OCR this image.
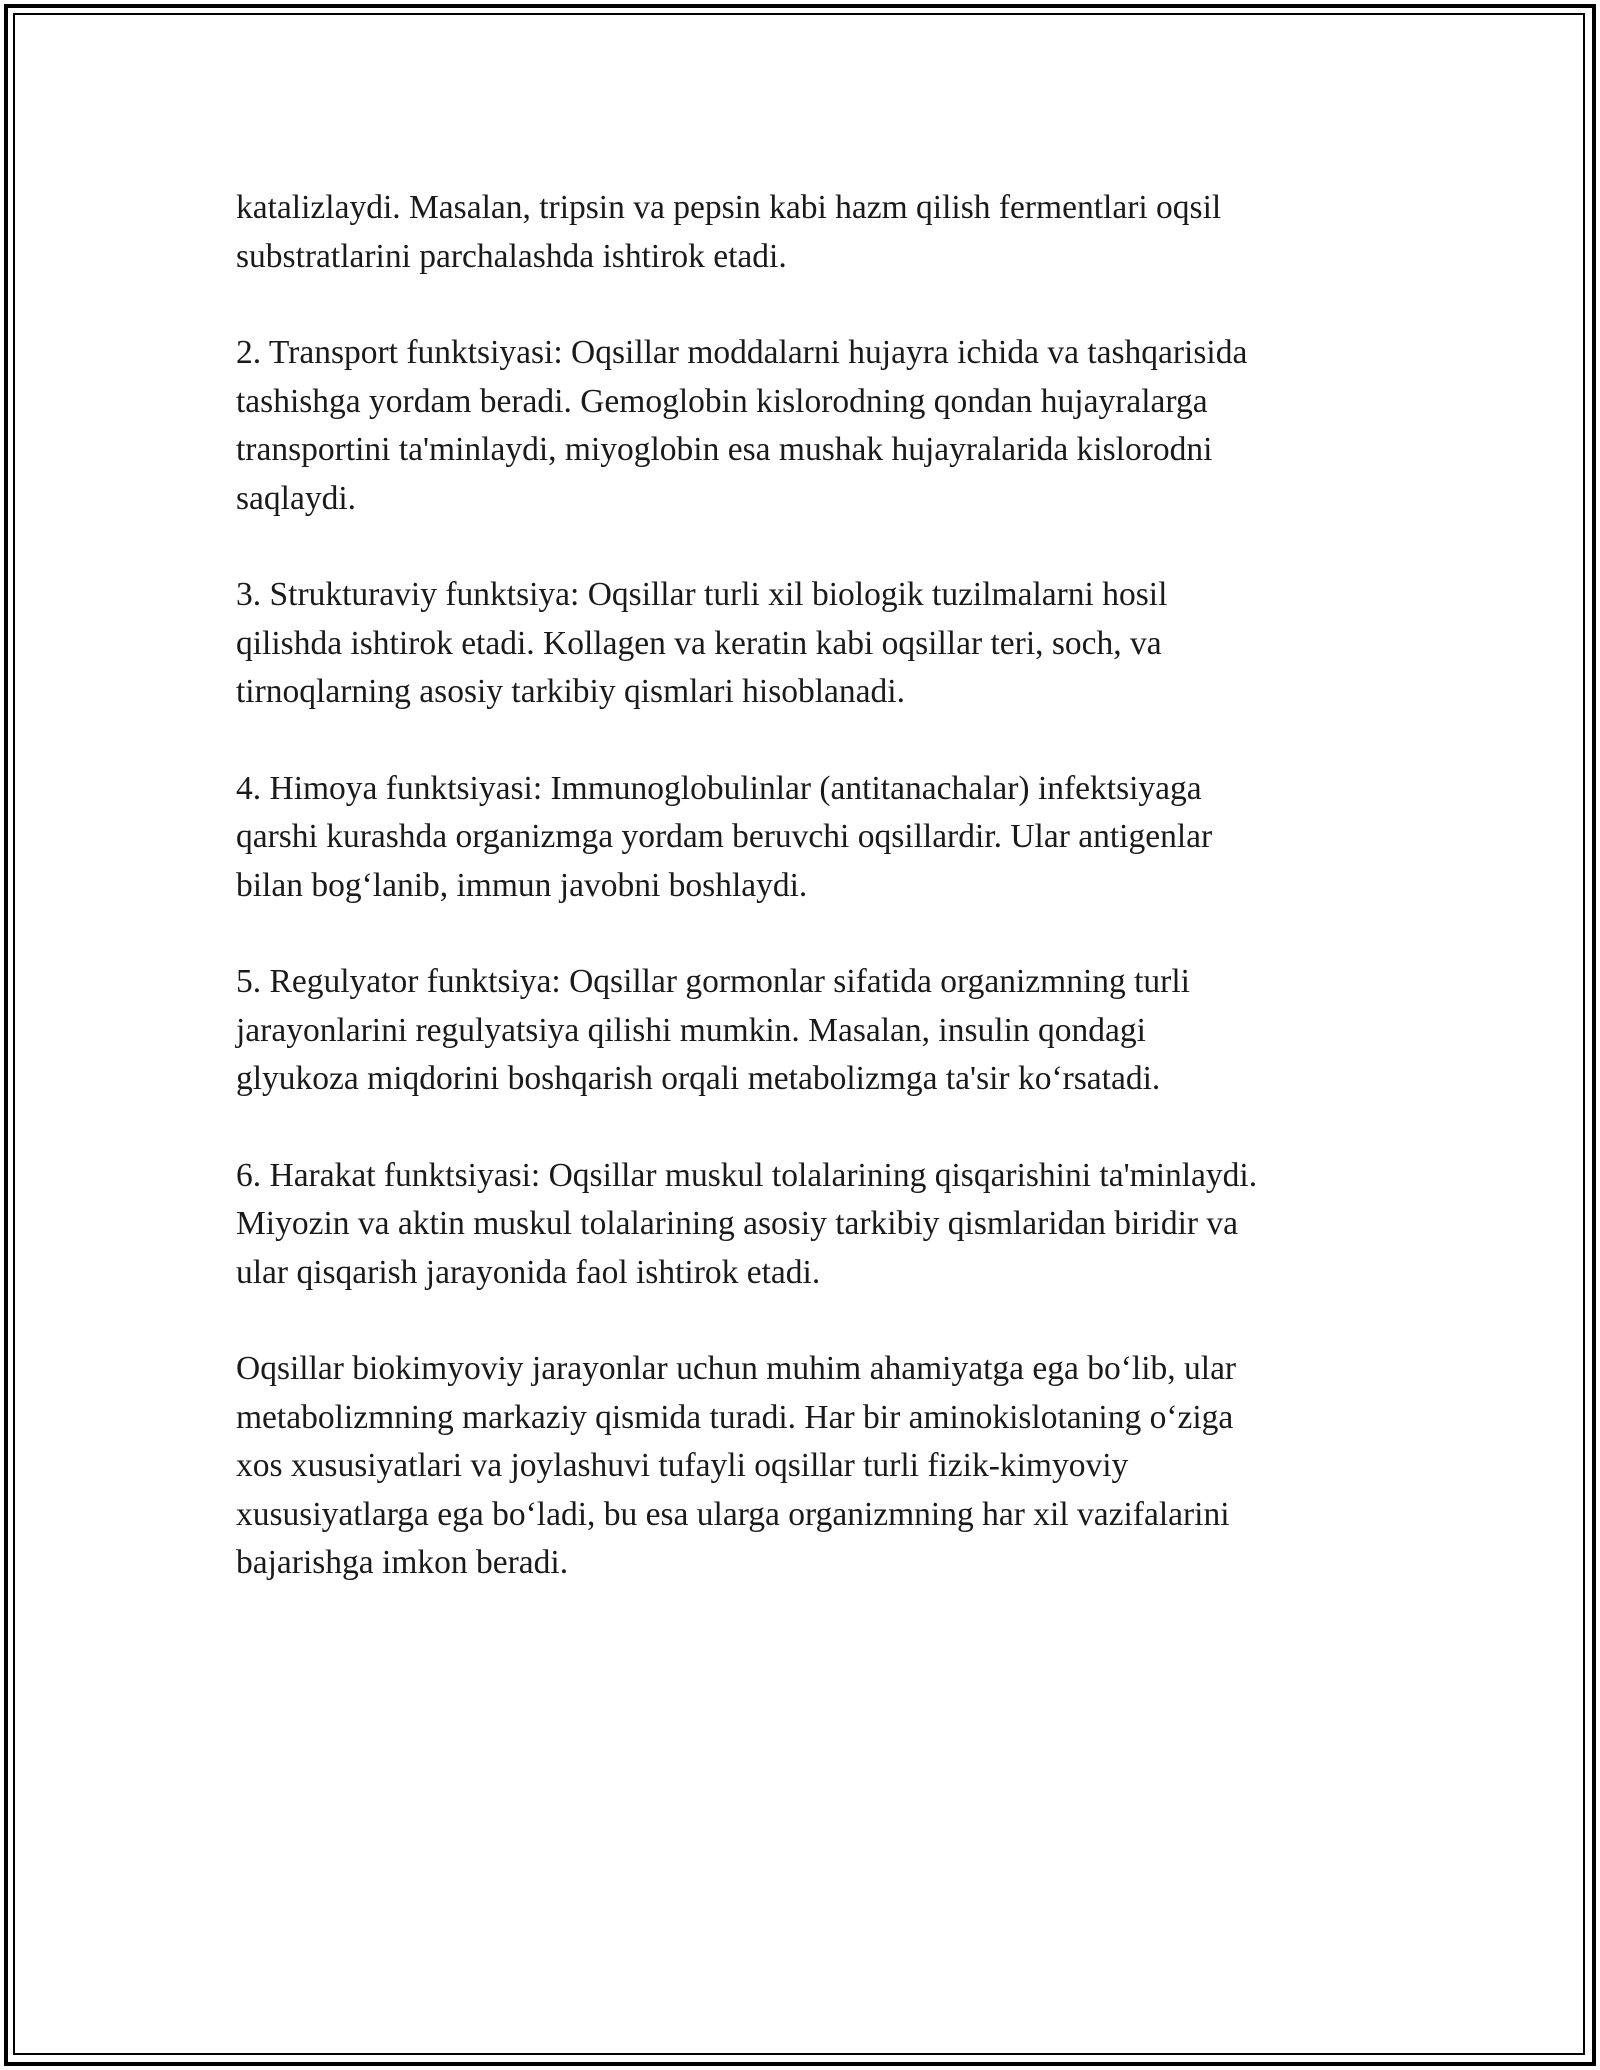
katalizlaydi. Masalan, tripsin va pepsin kabi hazm qilish fermentlari oqsil
substratlarini parchalashda ishtirok etadi.

2. Transport funktsiyasi: Oqsillar moddalarni hujayra ichida va tashqarisida
tashishga yordam beradi. Gemoglobin kislorodning qondan hujayralarga
transportini ta'minlaydi, miyoglobin esa mushak hujayralarida kislorodni
saqlaydi.

3. Strukturaviy funktsiya: Oqsillar turli xil biologik tuzilmalarni hosil
qilishda ishtirok etadi. Kollagen va keratin kabi oqsillar teri, soch, va
tirnoqlarning asosiy tarkibiy qismlari hisoblanadi.

4. Himoya funktsiyasi: Immunoglobulinlar (antitanachalar) infektsiyaga
qarshi kurashda organizmga yordam beruvchi oqsillardir. Ular antigenlar
bilan bog‘lanib, immun javobni boshlaydi.

5. Regulyator funktsiya: Oqsillar gormonlar sifatida organizmning turli
jarayonlarini regulyatsiya qilishi mumkin. Masalan, insulin qondagi
glyukoza miqdorini boshqarish orqali metabolizmga ta'sir ko‘rsatadi.

6. Harakat funktsiyasi: Oqsillar muskul tolalarining qisqarishini ta'minlaydi.
Miyozin va aktin muskul tolalarining asosiy tarkibiy qismlaridan biridir va
ular qisqarish jarayonida faol ishtirok etadi.

Oqsillar biokimyoviy jarayonlar uchun muhim ahamiyatga ega bo‘lib, ular
metabolizmning markaziy qismida turadi. Har bir aminokislotaning o‘ziga
xos xususiyatlari va joylashuvi tufayli oqsillar turli fizik-kimyoviy
xususiyatlarga ega bo‘ladi, bu esa ularga organizmning har xil vazifalarini
bajarishga imkon beradi.
